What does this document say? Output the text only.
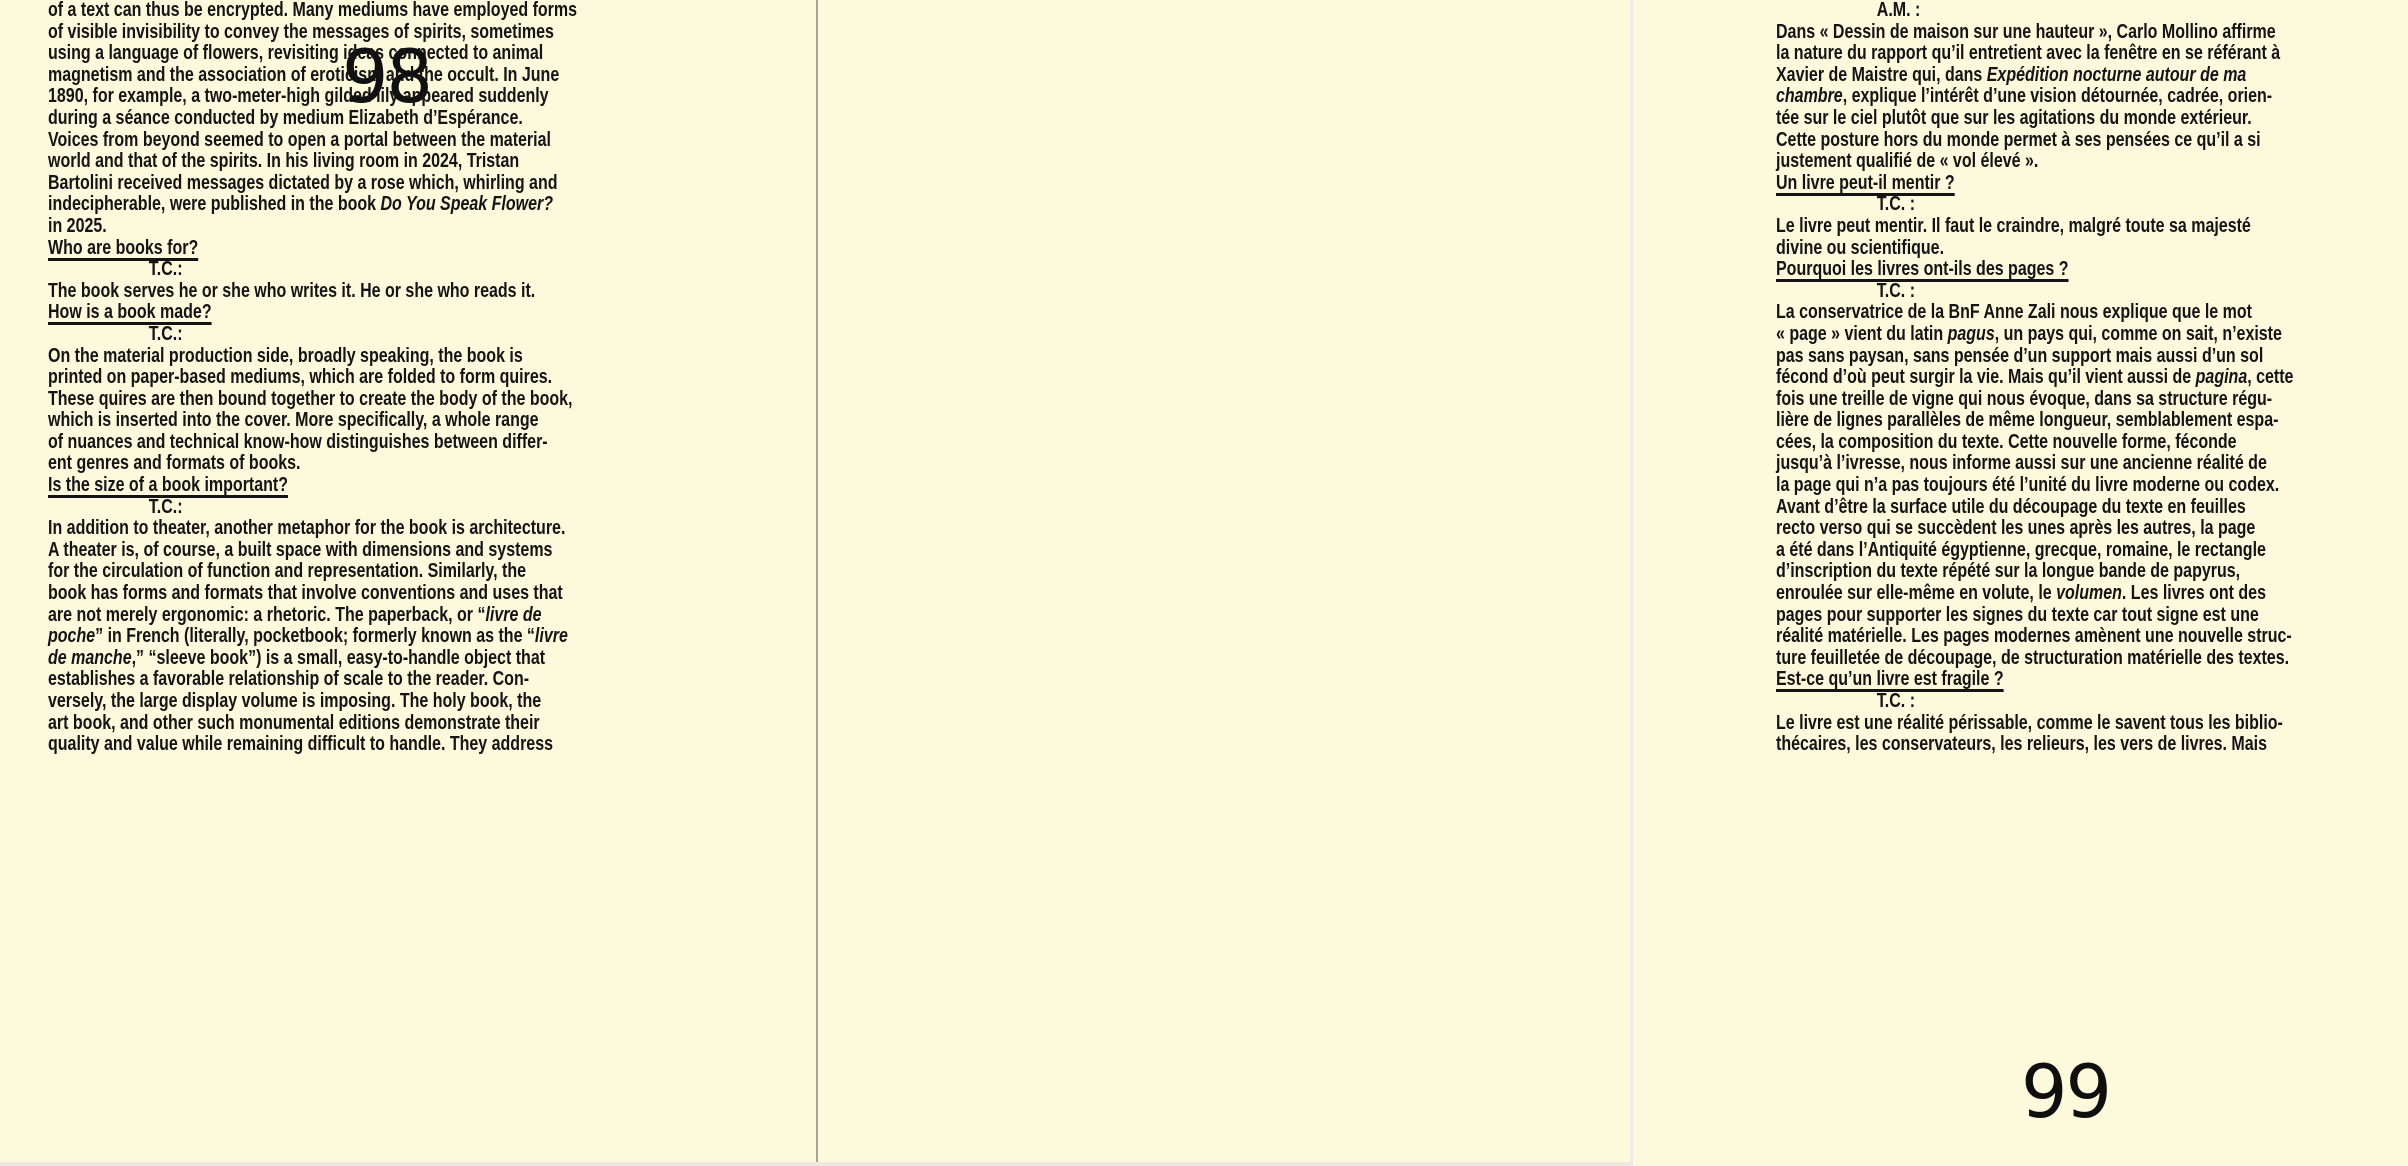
98

of a text can thus be encrypted. Many mediums have employed forms
of visible invisibility to convey the messages of spirits, sometimes
using a language of flowers, revisiting ideas connected to animal
magnetism and the association of eroticism and the occult. In June
1890, for example, a two-meter-high gilded lily appeared suddenly
during a séance conducted by medium Elizabeth d’Espérance.
Voices from beyond seemed to open a portal between the material
world and that of the spirits. In his living room in 2024, Tristan
Bartolini received messages dictated by a rose which, whirling and
indecipherable, were published in the book Do You Speak Flower?
in 2025.

Who are books for?

T.C.:
The book serves he or she who writes it. He or she who reads it.

How is a book made?

T.C.:
On the material production side, broadly speaking, the book is
printed on paper-based mediums, which are folded to form quires.
These quires are then bound together to create the body of the book,
which is inserted into the cover. More specifically, a whole range
of nuances and technical know-how distinguishes between differ-
ent genres and formats of books.

Is the size of a book important?

T.C.:
In addition to theater, another metaphor for the book is architecture.
A theater is, of course, a built space with dimensions and systems
for the circulation of function and representation. Similarly, the
book has forms and formats that involve conventions and uses that
are not merely ergonomic: a rhetoric. The paperback, or “livre de
poche” in French (literally, pocketbook; formerly known as the “livre
de manche,” “sleeve book”) is a small, easy-to-handle object that
establishes a favorable relationship of scale to the reader. Con-
versely, the large display volume is imposing. The holy book, the
art book, and other such monumental editions demonstrate their
quality and value while remaining difficult to handle. They address

A.M. :
Dans « Dessin de maison sur une hauteur », Carlo Mollino affirme
la nature du rapport qu’il entretient avec la fenêtre en se référant à
Xavier de Maistre qui, dans Expédition nocturne autour de ma
chambre, explique l’intérêt d’une vision détournée, cadrée, orien-
tée sur le ciel plutôt que sur les agitations du monde extérieur.
Cette posture hors du monde permet à ses pensées ce qu’il a si
justement qualifié de « vol élevé ».

Un livre peut-il mentir ?

T.C. :
Le livre peut mentir. Il faut le craindre, malgré toute sa majesté
divine ou scientifique.

Pourquoi les livres ont-ils des pages ?

T.C. :
La conservatrice de la BnF Anne Zali nous explique que le mot
« page » vient du latin pagus, un pays qui, comme on sait, n’existe
pas sans paysan, sans pensée d’un support mais aussi d’un sol
fécond d’où peut surgir la vie. Mais qu’il vient aussi de pagina, cette
fois une treille de vigne qui nous évoque, dans sa structure régu-
lière de lignes parallèles de même longueur, semblablement espa-
cées, la composition du texte. Cette nouvelle forme, féconde
jusqu’à l’ivresse, nous informe aussi sur une ancienne réalité de
la page qui n’a pas toujours été l’unité du livre moderne ou codex.
Avant d’être la surface utile du découpage du texte en feuilles
recto verso qui se succèdent les unes après les autres, la page
a été dans l’Antiquité égyptienne, grecque, romaine, le rectangle
d’inscription du texte répété sur la longue bande de papyrus,
enroulée sur elle-même en volute, le volumen. Les livres ont des
pages pour supporter les signes du texte car tout signe est une
réalité matérielle. Les pages modernes amènent une nouvelle struc-
ture feuilletée de découpage, de structuration matérielle des textes.

Est-ce qu’un livre est fragile ?

T.C. :
Le livre est une réalité périssable, comme le savent tous les biblio-
thécaires, les conservateurs, les relieurs, les vers de livres. Mais

99
